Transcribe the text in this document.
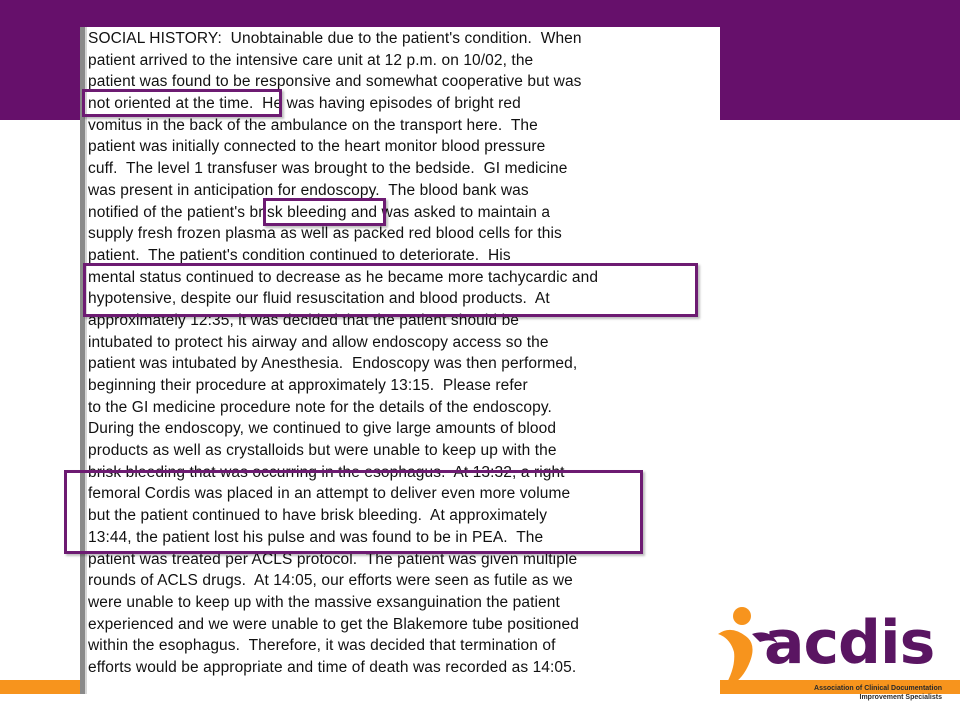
SOCIAL HISTORY:  Unobtainable due to the patient's condition.  When
patient arrived to the intensive care unit at 12 p.m. on 10/02, the
patient was found to be responsive and somewhat cooperative but was
not oriented at the time.  He was having episodes of bright red
vomitus in the back of the ambulance on the transport here.  The
patient was initially connected to the heart monitor blood pressure
cuff.  The level 1 transfuser was brought to the bedside.  GI medicine
was present in anticipation for endoscopy.  The blood bank was
notified of the patient's brisk bleeding and was asked to maintain a
supply fresh frozen plasma as well as packed red blood cells for this
patient.  The patient's condition continued to deteriorate.  His
mental status continued to decrease as he became more tachycardic and
hypotensive, despite our fluid resuscitation and blood products.  At
approximately 12:35, it was decided that the patient should be
intubated to protect his airway and allow endoscopy access so the
patient was intubated by Anesthesia.  Endoscopy was then performed,
beginning their procedure at approximately 13:15.  Please refer
to the GI medicine procedure note for the details of the endoscopy.
During the endoscopy, we continued to give large amounts of blood
products as well as crystalloids but were unable to keep up with the
brisk bleeding that was occurring in the esophagus.  At 13:32, a right
femoral Cordis was placed in an attempt to deliver even more volume
but the patient continued to have brisk bleeding.  At approximately
13:44, the patient lost his pulse and was found to be in PEA.  The
patient was treated per ACLS protocol.  The patient was given multiple
rounds of ACLS drugs.  At 14:05, our efforts were seen as futile as we
were unable to keep up with the massive exsanguination the patient
experienced and we were unable to get the Blakemore tube positioned
within the esophagus.  Therefore, it was decided that termination of
efforts would be appropriate and time of death was recorded as 14:05.	acdis
Association of Clinical Documentation
Improvement Specialists
